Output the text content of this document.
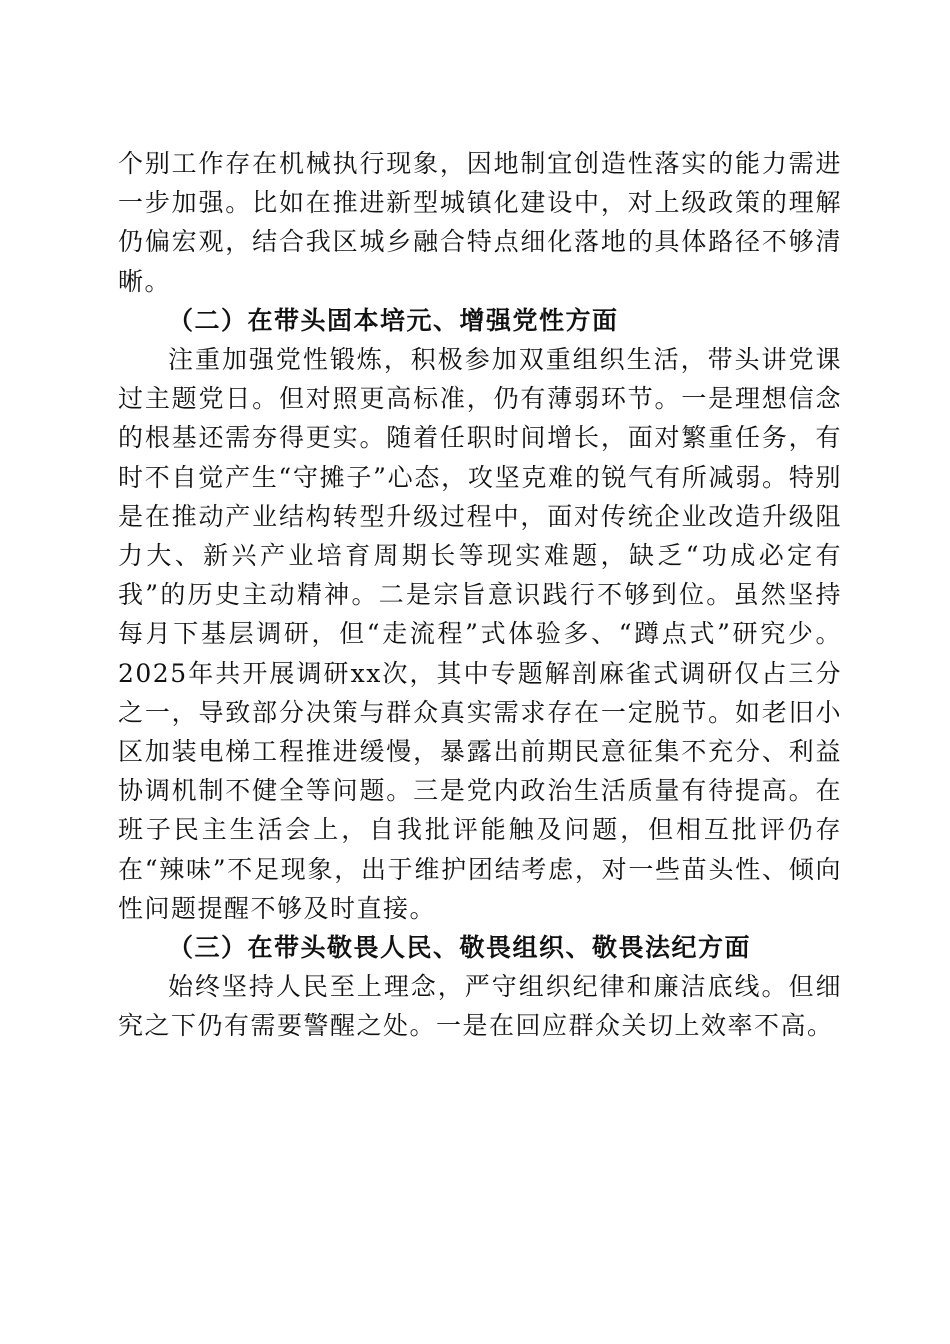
个别工作存在机械执行现象，因地制宜创造性落实的能力需进一步加强。比如在推进新型城镇化建设中，对上级政策的理解仍偏宏观，结合我区城乡融合特点细化落地的具体路径不够清晰。

（二）在带头固本培元、增强党性方面

注重加强党性锻炼，积极参加双重组织生活，带头讲党课过主题党日。但对照更高标准，仍有薄弱环节。一是理想信念的根基还需夯得更实。随着任职时间增长，面对繁重任务，有时不自觉产生“守摊子”心态，攻坚克难的锐气有所减弱。特别是在推动产业结构转型升级过程中，面对传统企业改造升级阻力大、新兴产业培育周期长等现实难题，缺乏“功成必定有我”的历史主动精神。二是宗旨意识践行不够到位。虽然坚持每月下基层调研，但“走流程”式体验多、“蹲点式”研究少。2025年共开展调研xx次，其中专题解剖麻雀式调研仅占三分之一，导致部分决策与群众真实需求存在一定脱节。如老旧小区加装电梯工程推进缓慢，暴露出前期民意征集不充分、利益协调机制不健全等问题。三是党内政治生活质量有待提高。在班子民主生活会上，自我批评能触及问题，但相互批评仍存在“辣味”不足现象，出于维护团结考虑，对一些苗头性、倾向性问题提醒不够及时直接。

（三）在带头敬畏人民、敬畏组织、敬畏法纪方面

始终坚持人民至上理念，严守组织纪律和廉洁底线。但细究之下仍有需要警醒之处。一是在回应群众关切上效率不高。
